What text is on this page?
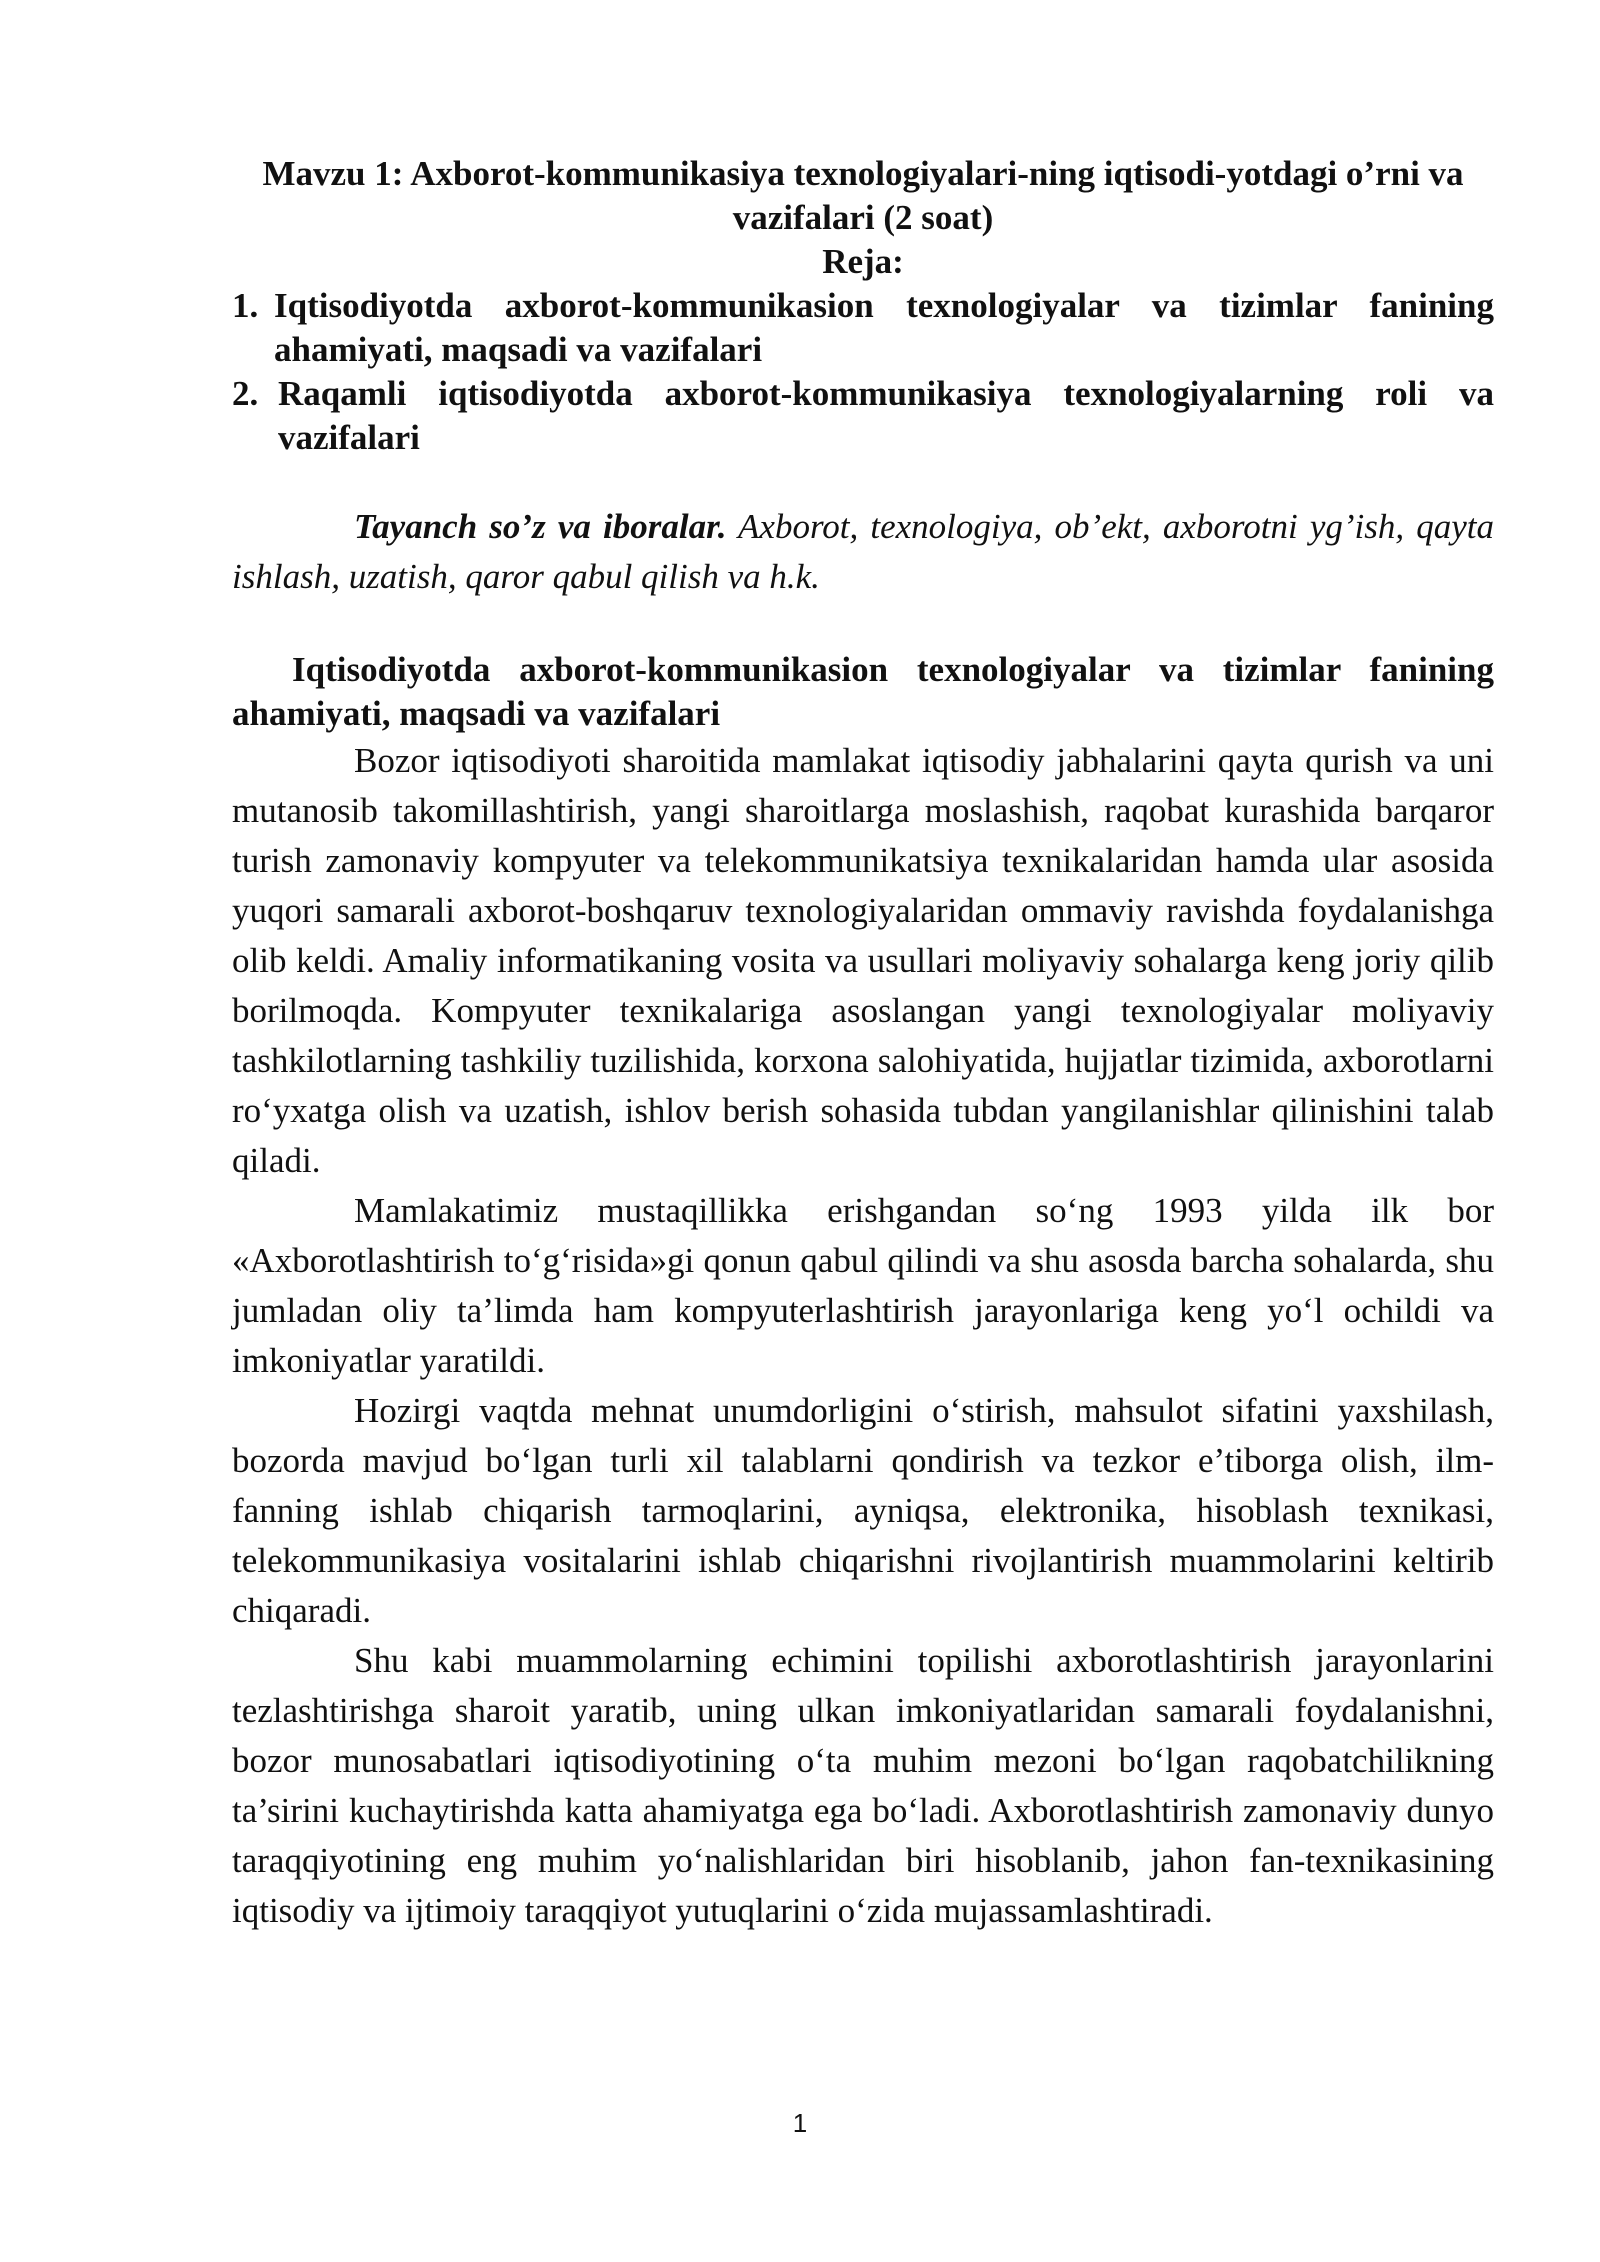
Mavzu 1: Axborot-kommunikasiya texnologiyalari-ning iqtisodi-yotdagi o’rni va vazifalari (2 soat)
Reja:
1. Iqtisodiyotda axborot-kommunikasion texnologiyalar va tizimlar fanining ahamiyati, maqsadi va vazifalari
2. Raqamli iqtisodiyotda axborot-kommunikasiya texnologiyalarning roli va vazifalari

Tayanch so’z va iboralar. Axborot, texnologiya, ob’ekt, axborotni yg’ish, qayta ishlash, uzatish, qaror qabul qilish va h.k.

Iqtisodiyotda axborot-kommunikasion texnologiyalar va tizimlar fanining ahamiyati, maqsadi va vazifalari

Bozor iqtisodiyoti sharoitida mamlakat iqtisodiy jabhalarini qayta qurish va uni mutanosib takomillashtirish, yangi sharoitlarga moslashish, raqobat kurashida barqaror turish zamonaviy kompyuter va telekommunikatsiya texnikalaridan hamda ular asosida yuqori samarali axborot-boshqaruv texnologiyalaridan ommaviy ravishda foydalanishga olib keldi. Amaliy informatikaning vosita va usullari moliyaviy sohalarga keng joriy qilib borilmoqda. Kompyuter texnikalariga asoslangan yangi texnologiyalar moliyaviy tashkilotlarning tashkiliy tuzilishida, korxona salohiyatida, hujjatlar tizimida, axborotlarni ro‘yxatga olish va uzatish, ishlov berish sohasida tubdan yangilanishlar qilinishini talab qiladi.

Mamlakatimiz mustaqillikka erishgandan so‘ng 1993 yilda ilk bor «Axborotlashtirish to‘g‘risida»gi qonun qabul qilindi va shu asosda barcha sohalarda, shu jumladan oliy ta’limda ham kompyuterlashtirish jarayonlariga keng yo‘l ochildi va imkoniyatlar yaratildi.

Hozirgi vaqtda mehnat unumdorligini o‘stirish, mahsulot sifatini yaxshilash, bozorda mavjud bo‘lgan turli xil talablarni qondirish va tezkor e’tiborga olish, ilm-fanning ishlab chiqarish tarmoqlarini, ayniqsa, elektronika, hisoblash texnikasi, telekommunikasiya vositalarini ishlab chiqarishni rivojlantirish muammolarini keltirib chiqaradi.

Shu kabi muammolarning echimini topilishi axborotlashtirish jarayonlarini tezlashtirishga sharoit yaratib, uning ulkan imkoniyatlaridan samarali foydalanishni, bozor munosabatlari iqtisodiyotining o‘ta muhim mezoni bo‘lgan raqobatchilikning ta’sirini kuchaytirishda katta ahamiyatga ega bo‘ladi. Axborotlashtirish zamonaviy dunyo taraqqiyotining eng muhim yo‘nalishlaridan biri hisoblanib, jahon fan-texnikasining iqtisodiy va ijtimoiy taraqqiyot yutuqlarini o‘zida mujassamlashtiradi.

1
